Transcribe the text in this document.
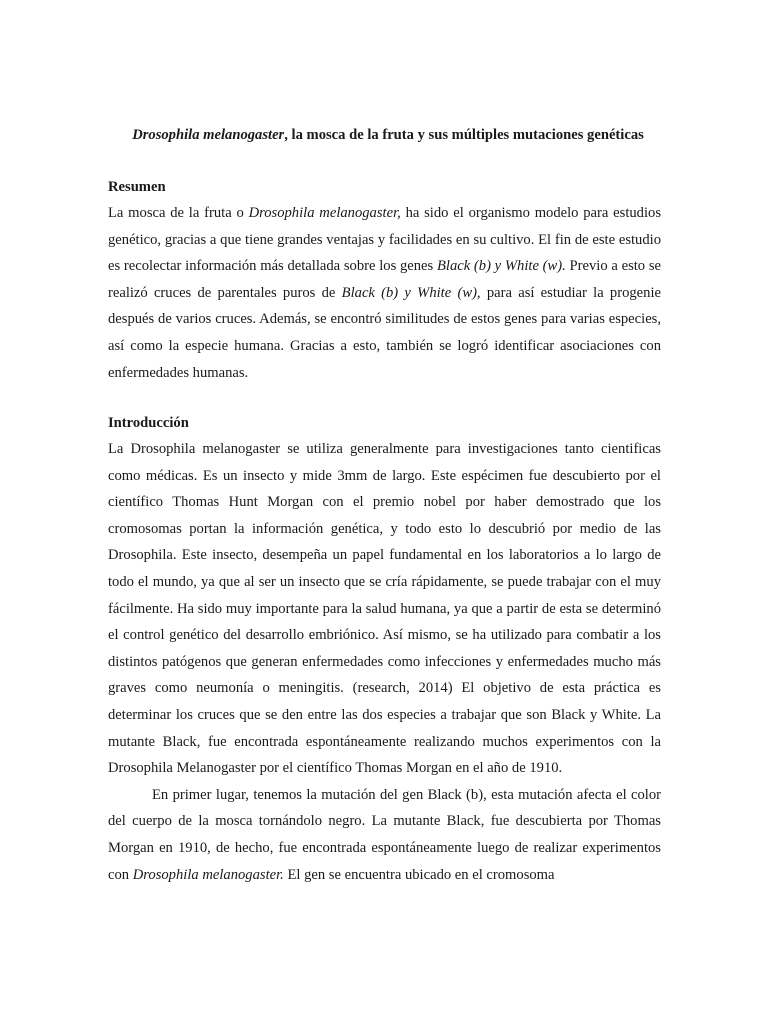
Drosophila melanogaster, la mosca de la fruta y sus múltiples mutaciones genéticas
Resumen

La mosca de la fruta o Drosophila melanogaster, ha sido el organismo modelo para estudios genético, gracias a que tiene grandes ventajas y facilidades en su cultivo. El fin de este estudio es recolectar información más detallada sobre los genes Black (b) y White (w). Previo a esto se realizó cruces de parentales puros de Black (b) y White (w), para así estudiar la progenie después de varios cruces. Además, se encontró similitudes de estos genes para varias especies, así como la especie humana. Gracias a esto, también se logró identificar asociaciones con enfermedades humanas.

Introducción

La Drosophila melanogaster se utiliza generalmente para investigaciones tanto cientificas como médicas. Es un insecto y mide 3mm de largo. Este espécimen fue descubierto por el científico Thomas Hunt Morgan con el premio nobel por haber demostrado que los cromosomas portan la información genética, y todo esto lo descubrió por medio de las Drosophila. Este insecto, desempeña un papel fundamental en los laboratorios a lo largo de todo el mundo, ya que al ser un insecto que se cría rápidamente, se puede trabajar con el muy fácilmente. Ha sido muy importante para la salud humana, ya que a partir de esta se determinó el control genético del desarrollo embriónico. Así mismo, se ha utilizado para combatir a los distintos patógenos que generan enfermedades como infecciones y enfermedades mucho más graves como neumonía o meningitis. (research, 2014) El objetivo de esta práctica es determinar los cruces que se den entre las dos especies a trabajar que son Black y White. La mutante Black, fue encontrada espontáneamente realizando muchos experimentos con la Drosophila Melanogaster por el científico Thomas Morgan en el año de 1910.

En primer lugar, tenemos la mutación del gen Black (b), esta mutación afecta el color del cuerpo de la mosca tornándolo negro. La mutante Black, fue descubierta por Thomas Morgan en 1910, de hecho, fue encontrada espontáneamente luego de realizar experimentos con Drosophila melanogaster. El gen se encuentra ubicado en el cromosoma
